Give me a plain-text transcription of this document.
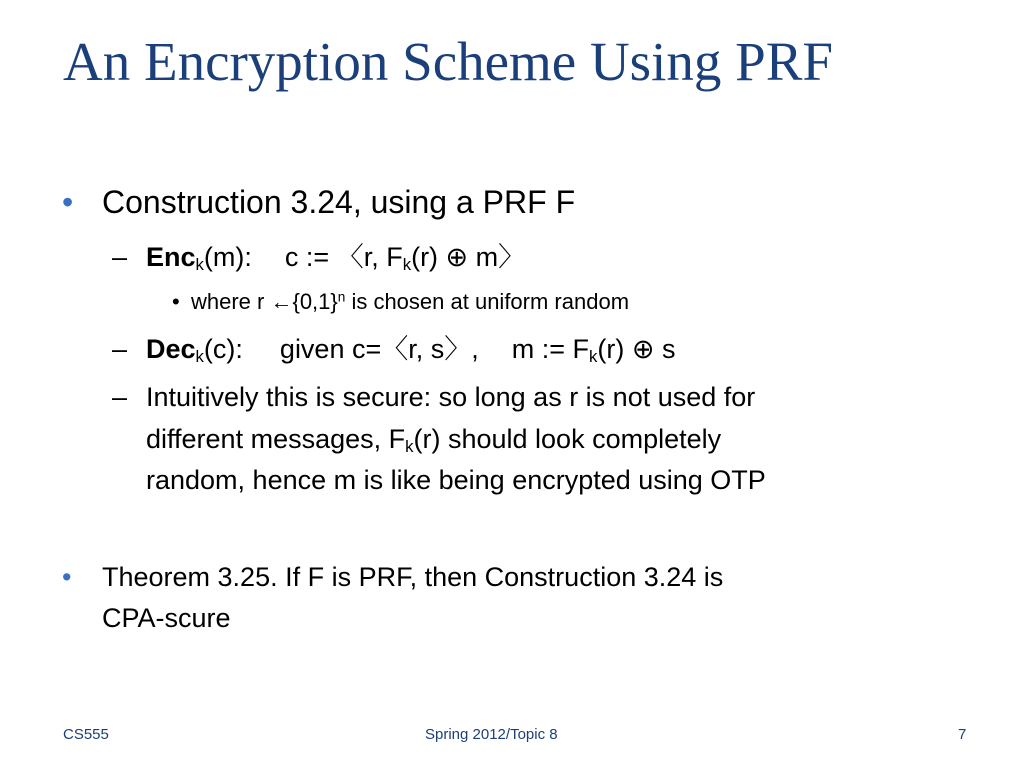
An Encryption Scheme Using PRF
• Construction 3.24, using a PRF F
– Enc$_k$(m): c := 〈r, $F_k(r)$ ⊕ m〉
• where r $\leftarrow\{0,1\}^n$ is chosen at uniform random
– Dec$_k$(c): given c=〈r, s〉, m := $F_k(r)$ ⊕ s
– Intuitively this is secure: so long as r is not used for
different messages, $F_k(r)$ should look completely
random, hence m is like being encrypted using OTP
• Theorem 3.25. If F is PRF, then Construction 3.24 is
CPA-scure
CS555	Spring 2012/Topic 8	7
